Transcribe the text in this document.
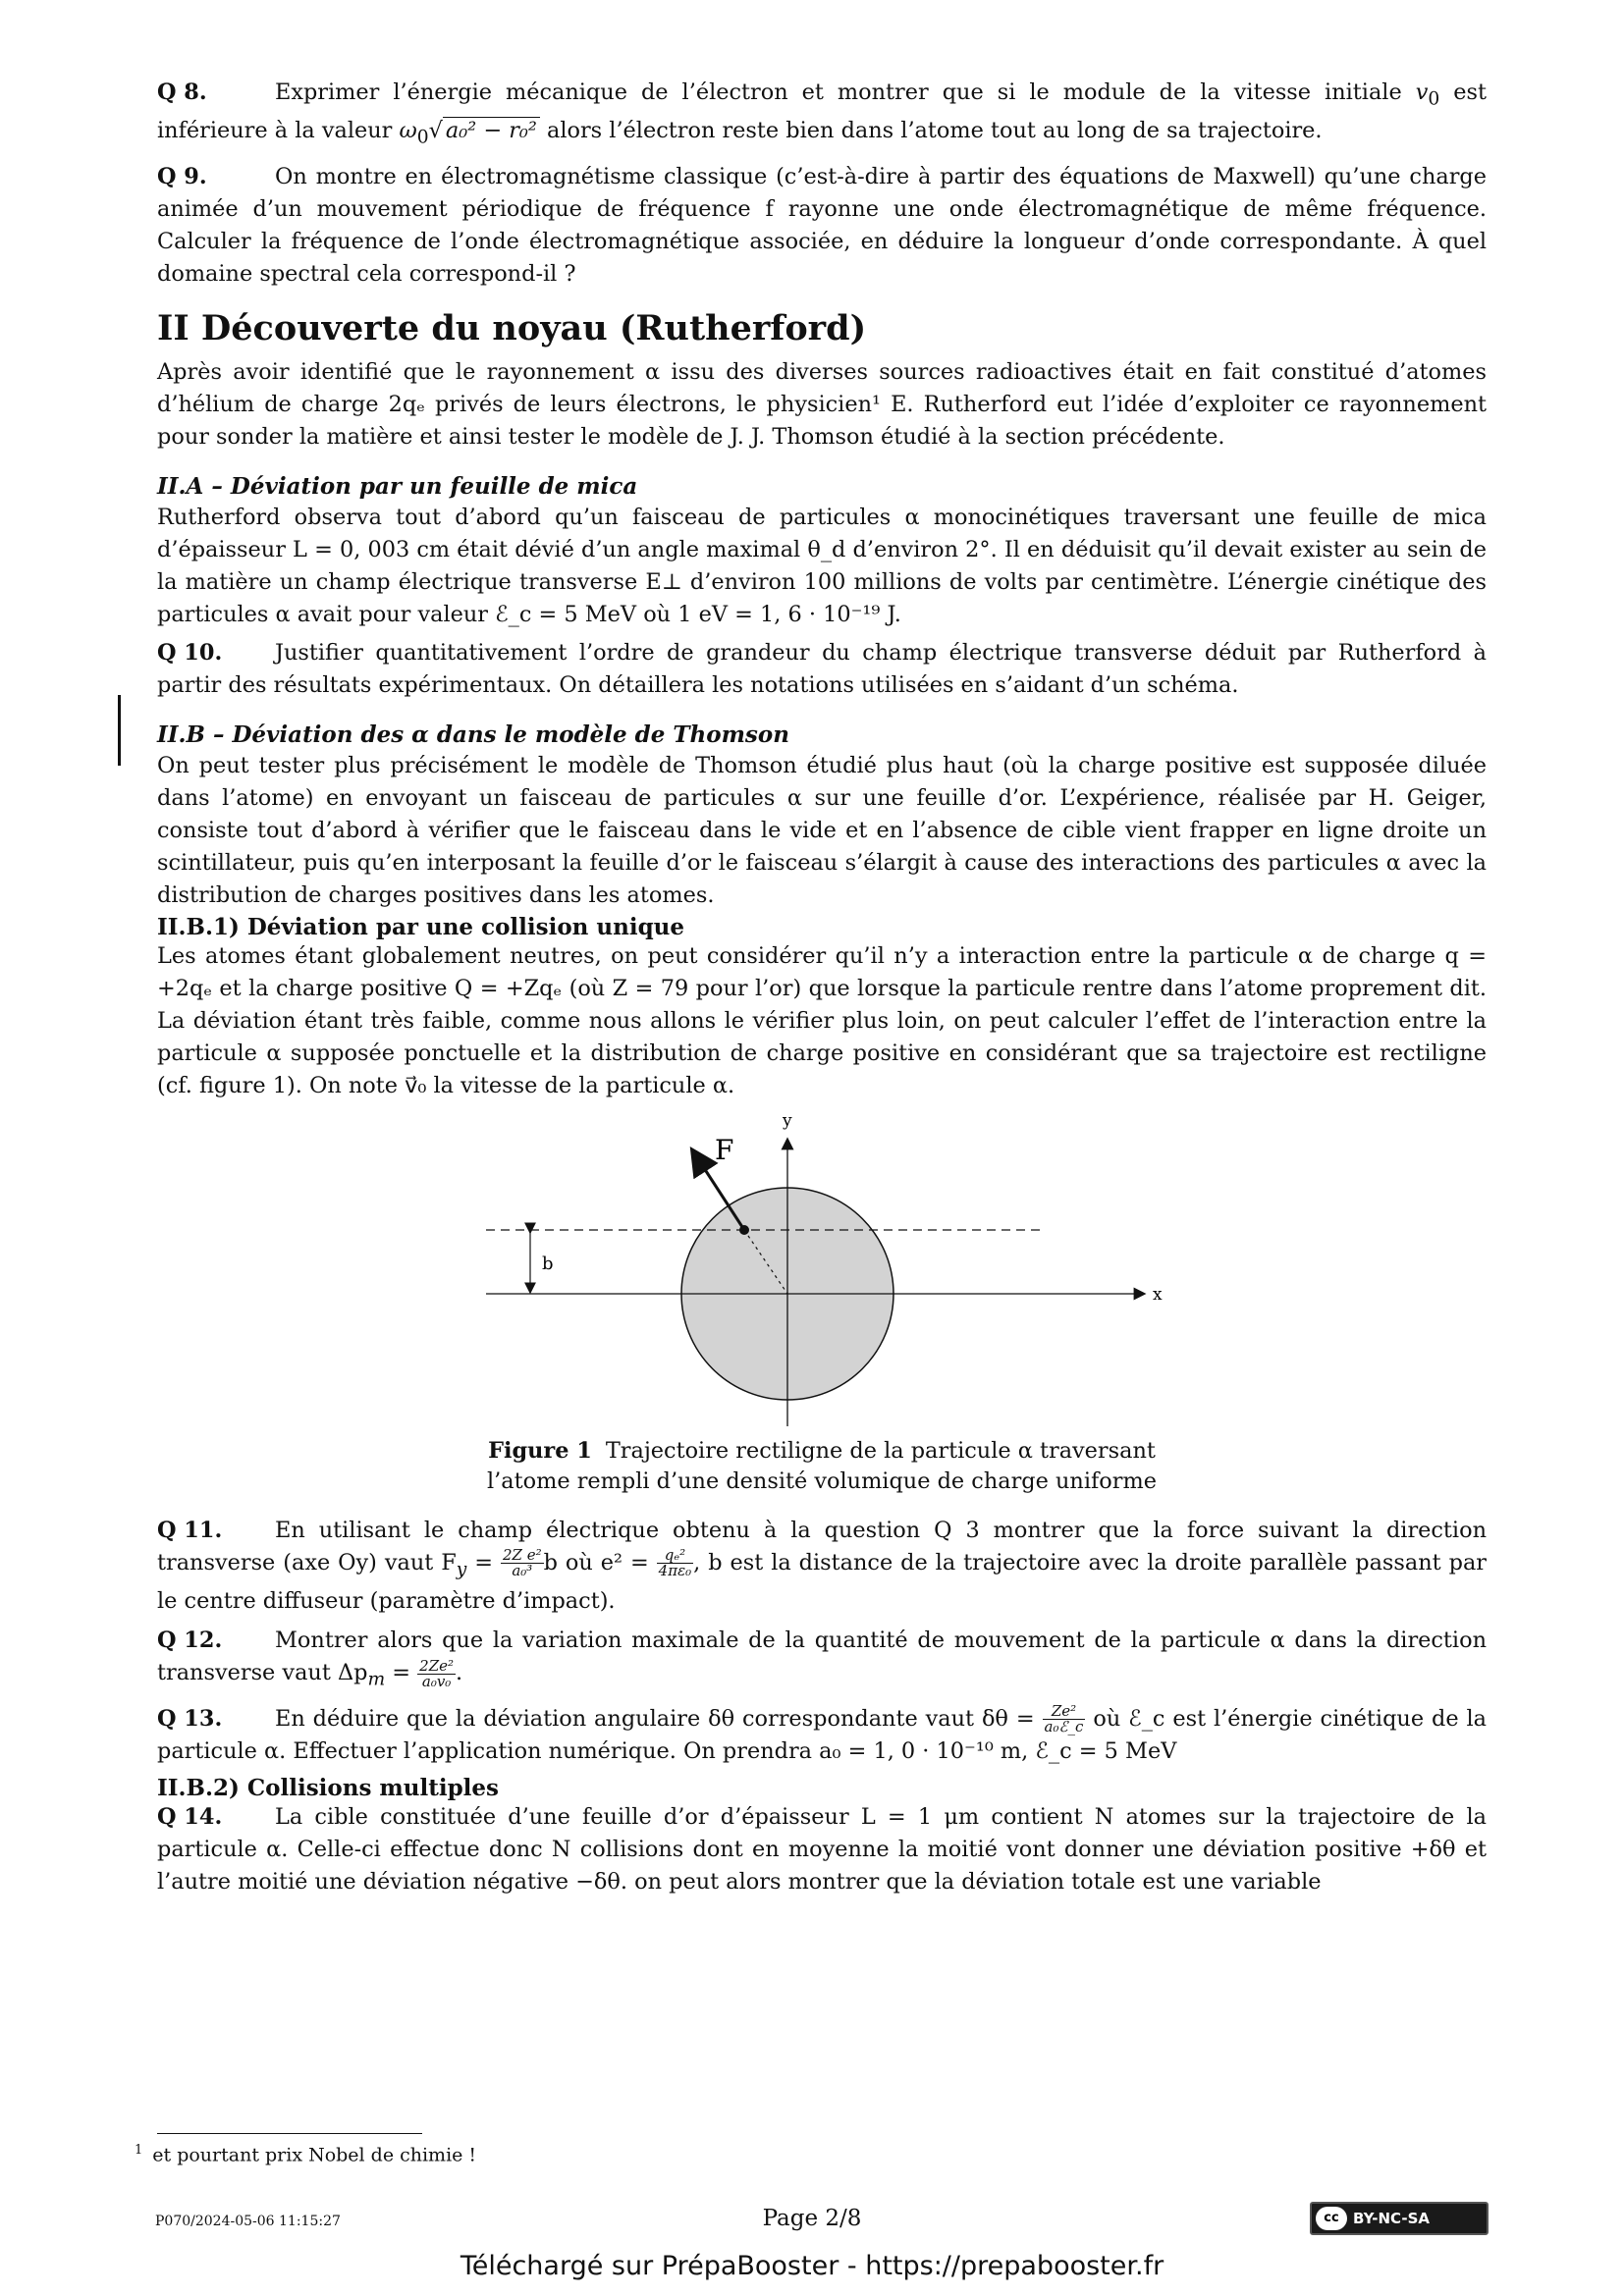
Q 8.	Exprimer l’énergie mécanique de l’électron et montrer que si le module de la vitesse initiale $v_0$ est inférieure à la valeur $\omega_0√$ a₀² − r₀² alors l’électron reste bien dans l’atome tout au long de sa trajectoire.
Q 9.	On montre en électromagnétisme classique (c’est-à-dire à partir des équations de Maxwell) qu’une charge animée d’un mouvement périodique de fréquence f rayonne une onde électromagnétique de même fréquence. Calculer la fréquence de l’onde électromagnétique associée, en déduire la longueur d’onde correspondante. À quel domaine spectral cela correspond-il ?
II Découverte du noyau (Rutherford)

Après avoir identifié que le rayonnement α issu des diverses sources radioactives était en fait constitué d’atomes d’hélium de charge 2qₑ privés de leurs électrons, le physicien¹ E. Rutherford eut l’idée d’exploiter ce rayonnement pour sonder la matière et ainsi tester le modèle de J. J. Thomson étudié à la section précédente.

II.A – Déviation par un feuille de mica

Rutherford observa tout d’abord qu’un faisceau de particules α monocinétiques traversant une feuille de mica d’épaisseur L = 0, 003 cm était dévié d’un angle maximal θ_d d’environ 2°. Il en déduisit qu’il devait exister au sein de la matière un champ électrique transverse E⊥ d’environ 100 millions de volts par centimètre. L’énergie cinétique des particules α avait pour valeur ℰ_c = 5 MeV où 1 eV = 1, 6 · 10⁻¹⁹ J.

Q 10. Justifier quantitativement l’ordre de grandeur du champ électrique transverse déduit par Rutherford à partir des résultats expérimentaux. On détaillera les notations utilisées en s’aidant d’un schéma.
II.B – Déviation des α dans le modèle de Thomson

On peut tester plus précisément le modèle de Thomson étudié plus haut (où la charge positive est supposée diluée dans l’atome) en envoyant un faisceau de particules α sur une feuille d’or. L’expérience, réalisée par H. Geiger, consiste tout d’abord à vérifier que le faisceau dans le vide et en l’absence de cible vient frapper en ligne droite un scintillateur, puis qu’en interposant la feuille d’or le faisceau s’élargit à cause des interactions des particules α avec la distribution de charges positives dans les atomes.

II.B.1) Déviation par une collision unique

Les atomes étant globalement neutres, on peut considérer qu’il n’y a interaction entre la particule α de charge q = +2qₑ et la charge positive Q = +Zqₑ (où Z = 79 pour l’or) que lorsque la particule rentre dans l’atome proprement dit. La déviation étant très faible, comme nous allons le vérifier plus loin, on peut calculer l’effet de l’interaction entre la particule α supposée ponctuelle et la distribution de charge positive en considérant que sa trajectoire est rectiligne (cf. figure 1). On note v⃗₀ la vitesse de la particule α.

F
y
x
b
Figure 1 Trajectoire rectiligne de la particule α traversant
l’atome rempli d’une densité volumique de charge uniforme
Q 11. En utilisant le champ électrique obtenu à la question Q 3 montrer que la force suivant la direction transverse (axe Oy) vaut $F_y = \frac{\text{2Z e²}}{\text{a₀³}}$ b où $e^2 = \frac{\text{qₑ²}}{\text{4πε₀}}$ , b est la distance de la trajectoire avec la droite parallèle passant par le centre diffuseur (paramètre d’impact).
Q 12. Montrer alors que la variation maximale de la quantité de mouvement de la particule α dans la direction transverse vaut $\Delta p_m = \frac{\text{2Ze²}}{\text{a₀v₀}}$ .
Q 13. En déduire que la déviation angulaire δθ correspondante vaut $\delta\theta = \frac{\text{Ze²}}{\text{a₀ℰ\_c}}$ où ℰ_c est l’énergie cinétique de la particule α. Effectuer l’application numérique. On prendra a₀ = 1, 0 · 10⁻¹⁰ m, ℰ_c = 5 MeV
II.B.2) Collisions multiples
Q 14. La cible constituée d’une feuille d’or d’épaisseur L = 1 μm contient N atomes sur la trajectoire de la particule α. Celle-ci effectue donc N collisions dont en moyenne la moitié vont donner une déviation positive +δθ et l’autre moitié une déviation négative −δθ. on peut alors montrer que la déviation totale est une variable
$^1$ et pourtant prix Nobel de chimie !
P070/2024-05-06 11:15:27	Page 2/8	cc BY-NC-SA
Téléchargé sur PrépaBooster - https://prepabooster.fr
